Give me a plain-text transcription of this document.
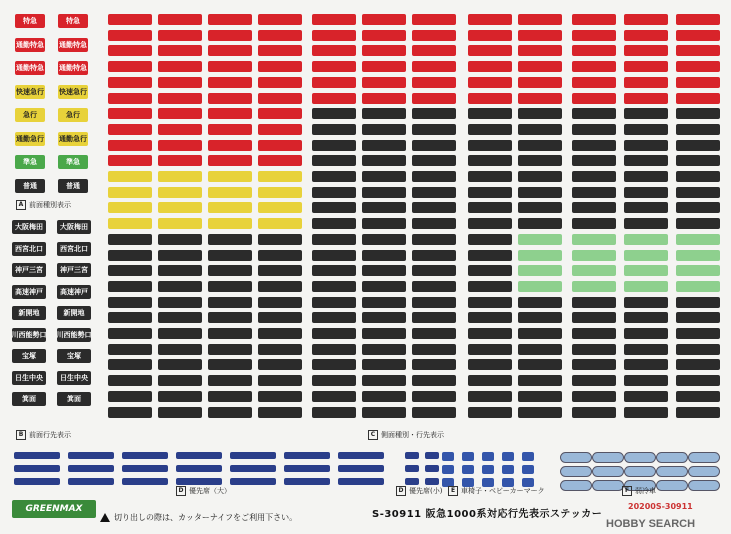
特急	特急
通勤特急 通勤特急
通勤特急 通勤特急
快速急行 快速急行
急行	急行
通勤急行 通勤急行
準急	準急
普通	普通
大阪梅田	大阪梅田
西宮北口	西宮北口
神戸三宮	神戸三宮
高速神戸	高速神戸
新開地	新開地
川西能勢口 川西能勢口
宝塚	宝塚
日生中央	日生中央
箕面	箕面
A 前面種別表示
B 前面行先表示	C 側面種別・行先表示
D 優先席（大）	D 優先席(小)	E 車椅子・ベビーカーマーク	F 弱冷車
GREENMAX
切り出しの際は、カッターナイフをご利用下さい。	S-30911 阪急1000系対応行先表示ステッカー
20200S-30911
HOBBY SEARCH
